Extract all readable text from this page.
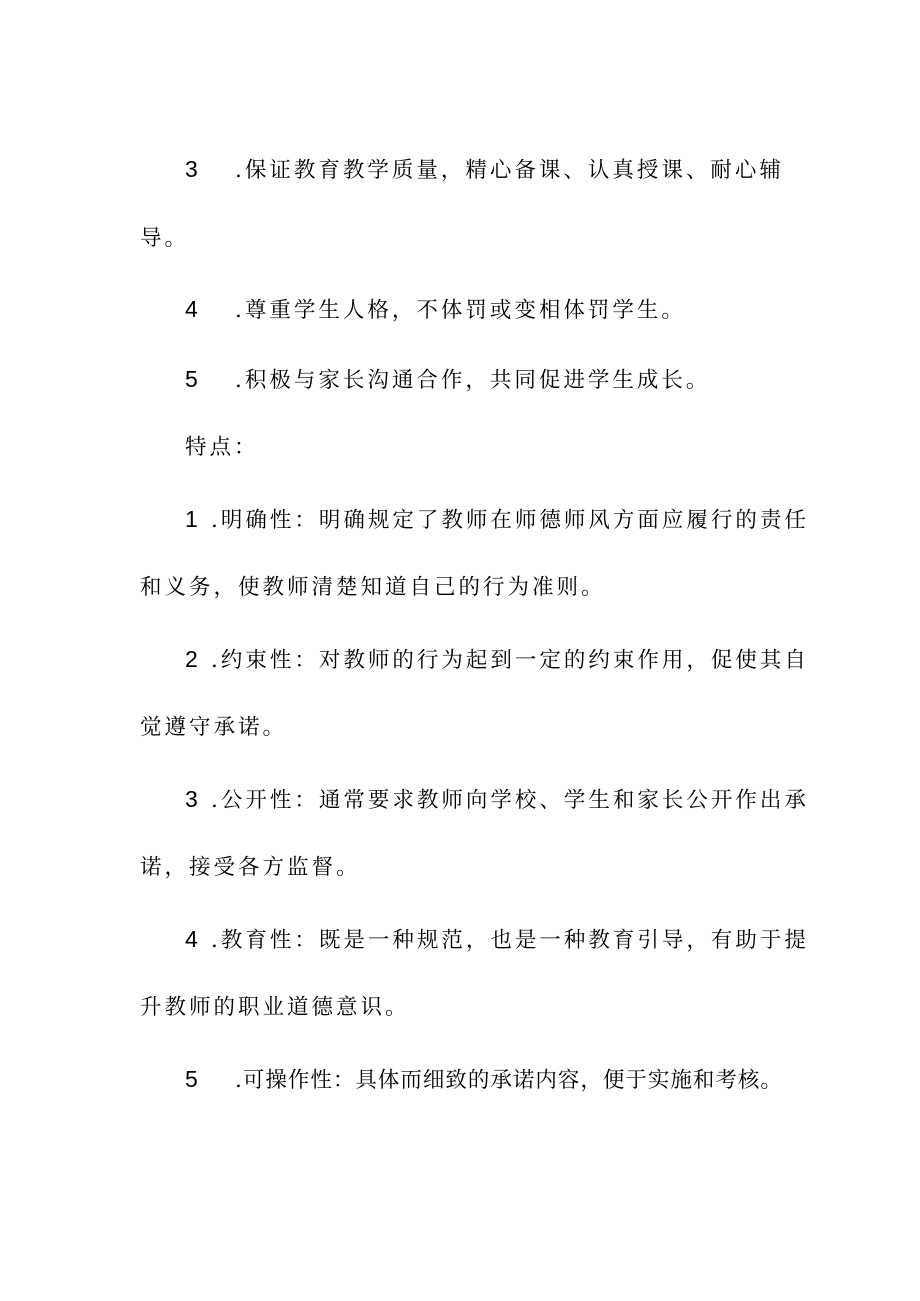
3 .保证教育教学质量，精心备课、认真授课、耐心辅
导。
4 .尊重学生人格，不体罚或变相体罚学生。
5 .积极与家长沟通合作，共同促进学生成长。
特点：
1 .明确性：明确规定了教师在师德师风方面应履行的责任
和义务，使教师清楚知道自己的行为准则。
2 .约束性：对教师的行为起到一定的约束作用，促使其自
觉遵守承诺。
3 .公开性：通常要求教师向学校、学生和家长公开作出承
诺，接受各方监督。
4 .教育性：既是一种规范，也是一种教育引导，有助于提
升教师的职业道德意识。
5 .可操作性：具体而细致的承诺内容，便于实施和考核。
